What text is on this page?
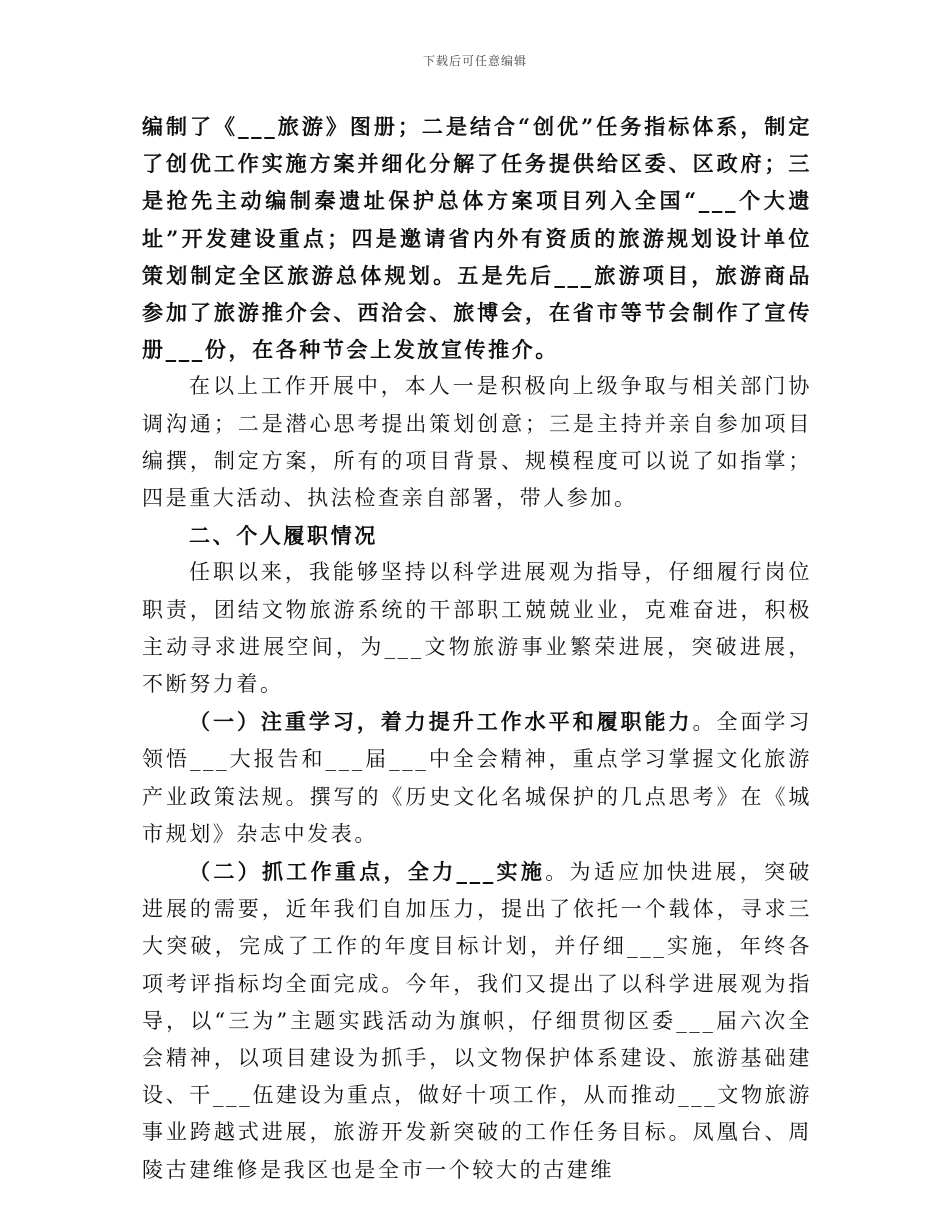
下载后可任意编辑

编制了《___旅游》图册；二是结合“创优”任务指标体系，制定了创优工作实施方案并细化分解了任务提供给区委、区政府；三是抢先主动编制秦遗址保护总体方案项目列入全国“___个大遗址”开发建设重点；四是邀请省内外有资质的旅游规划设计单位策划制定全区旅游总体规划。五是先后___旅游项目，旅游商品参加了旅游推介会、西洽会、旅博会，在省市等节会制作了宣传册___份，在各种节会上发放宣传推介。

在以上工作开展中，本人一是积极向上级争取与相关部门协调沟通；二是潜心思考提出策划创意；三是主持并亲自参加项目编撰，制定方案，所有的项目背景、规模程度可以说了如指掌；四是重大活动、执法检查亲自部署，带人参加。

二、个人履职情况

任职以来，我能够坚持以科学进展观为指导，仔细履行岗位职责，团结文物旅游系统的干部职工兢兢业业，克难奋进，积极主动寻求进展空间，为___文物旅游事业繁荣进展，突破进展，不断努力着。

（一）注重学习，着力提升工作水平和履职能力。全面学习领悟___大报告和___届___中全会精神，重点学习掌握文化旅游产业政策法规。撰写的《历史文化名城保护的几点思考》在《城市规划》杂志中发表。

（二）抓工作重点，全力___实施。为适应加快进展，突破进展的需要，近年我们自加压力，提出了依托一个载体，寻求三大突破，完成了工作的年度目标计划，并仔细___实施，年终各项考评指标均全面完成。今年，我们又提出了以科学进展观为指导，以“三为”主题实践活动为旗帜，仔细贯彻区委___届六次全会精神，以项目建设为抓手，以文物保护体系建设、旅游基础建设、干___伍建设为重点，做好十项工作，从而推动___文物旅游事业跨越式进展，旅游开发新突破的工作任务目标。凤凰台、周陵古建维修是我区也是全市一个较大的古建维
